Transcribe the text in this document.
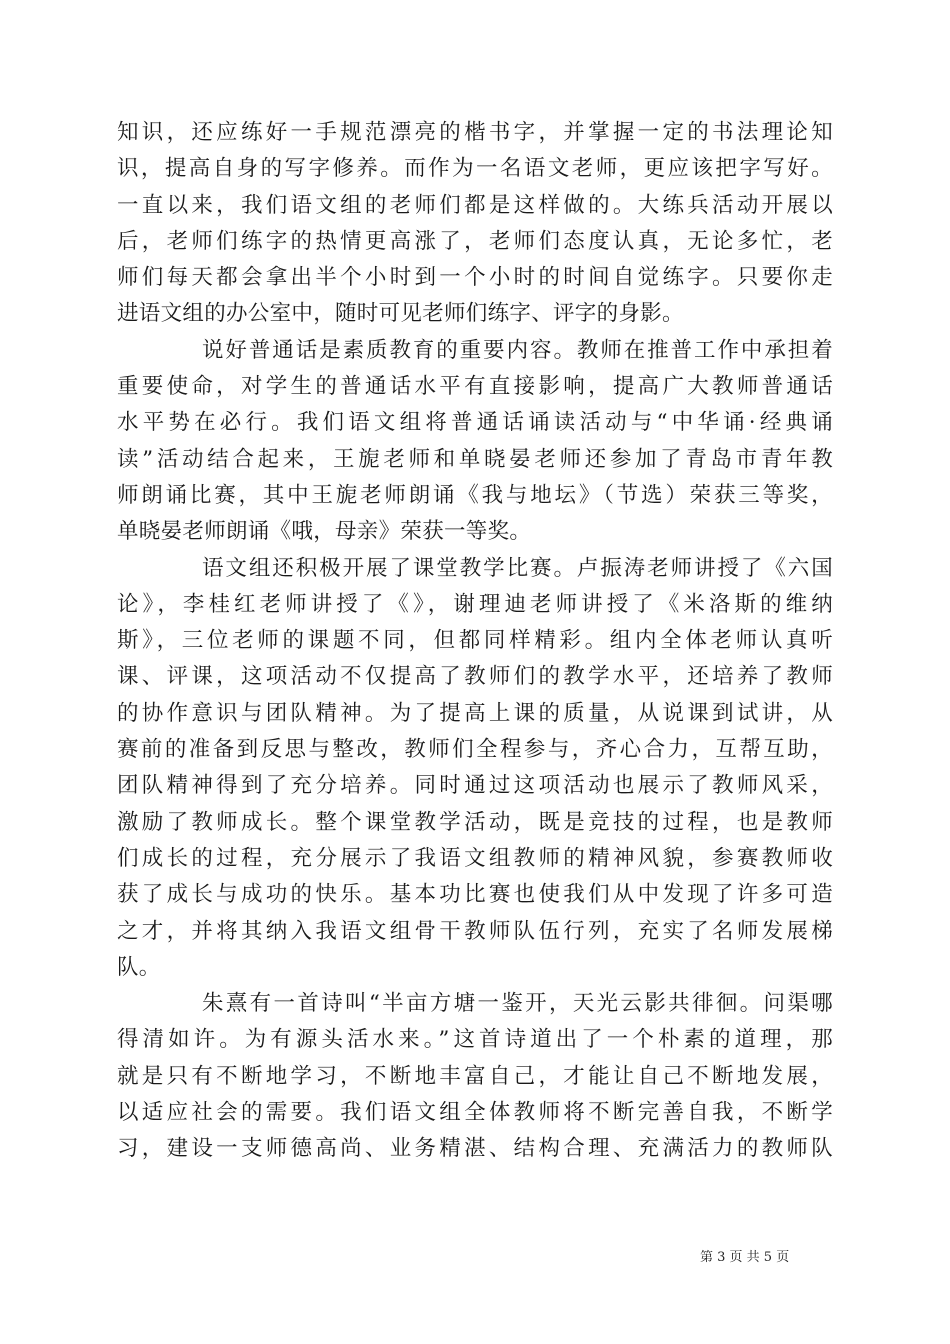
知识，还应练好一手规范漂亮的楷书字，并掌握一定的书法理论知
识，提高自身的写字修养。而作为一名语文老师，更应该把字写好。
一直以来，我们语文组的老师们都是这样做的。大练兵活动开展以
后，老师们练字的热情更高涨了，老师们态度认真，无论多忙，老
师们每天都会拿出半个小时到一个小时的时间自觉练字。只要你走
进语文组的办公室中，随时可见老师们练字、评字的身影。
说好普通话是素质教育的重要内容。教师在推普工作中承担着
重要使命，对学生的普通话水平有直接影响，提高广大教师普通话
水平势在必行。我们语文组将普通话诵读活动与“中华诵·经典诵
读”活动结合起来，王旎老师和单晓晏老师还参加了青岛市青年教
师朗诵比赛，其中王旎老师朗诵《我与地坛》（节选）荣获三等奖，
单晓晏老师朗诵《哦，母亲》荣获一等奖。
语文组还积极开展了课堂教学比赛。卢振涛老师讲授了《六国
论》，李桂红老师讲授了《》，谢理迪老师讲授了《米洛斯的维纳
斯》，三位老师的课题不同，但都同样精彩。组内全体老师认真听
课、评课，这项活动不仅提高了教师们的教学水平，还培养了教师
的协作意识与团队精神。为了提高上课的质量，从说课到试讲，从
赛前的准备到反思与整改，教师们全程参与，齐心合力，互帮互助，
团队精神得到了充分培养。同时通过这项活动也展示了教师风采，
激励了教师成长。整个课堂教学活动，既是竞技的过程，也是教师
们成长的过程，充分展示了我语文组教师的精神风貌，参赛教师收
获了成长与成功的快乐。基本功比赛也使我们从中发现了许多可造
之才，并将其纳入我语文组骨干教师队伍行列，充实了名师发展梯
队。
朱熹有一首诗叫“半亩方塘一鉴开，天光云影共徘徊。问渠哪
得清如许。为有源头活水来。”这首诗道出了一个朴素的道理，那
就是只有不断地学习，不断地丰富自己，才能让自己不断地发展，
以适应社会的需要。我们语文组全体教师将不断完善自我，不断学
习，建设一支师德高尚、业务精湛、结构合理、充满活力的教师队
第 3 页 共 5 页
